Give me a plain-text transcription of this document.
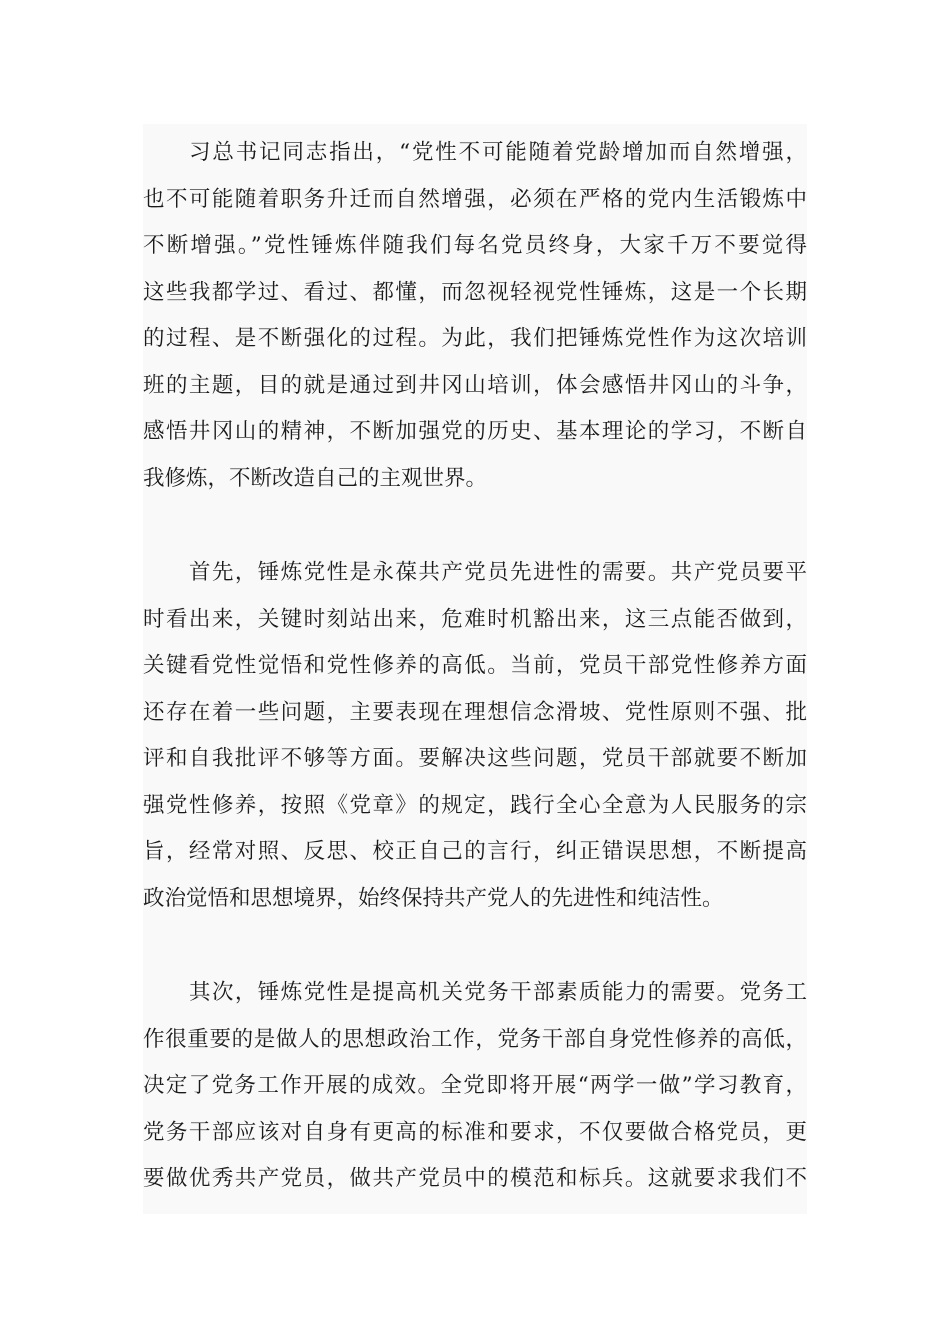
习总书记同志指出，“党性不可能随着党龄增加而自然增强，
也不可能随着职务升迁而自然增强，必须在严格的党内生活锻炼中
不断增强。”党性锤炼伴随我们每名党员终身，大家千万不要觉得
这些我都学过、看过、都懂，而忽视轻视党性锤炼，这是一个长期
的过程、是不断强化的过程。为此，我们把锤炼党性作为这次培训
班的主题，目的就是通过到井冈山培训，体会感悟井冈山的斗争，
感悟井冈山的精神，不断加强党的历史、基本理论的学习，不断自
我修炼，不断改造自己的主观世界。
首先，锤炼党性是永葆共产党员先进性的需要。共产党员要平
时看出来，关键时刻站出来，危难时机豁出来，这三点能否做到，
关键看党性觉悟和党性修养的高低。当前，党员干部党性修养方面
还存在着一些问题，主要表现在理想信念滑坡、党性原则不强、批
评和自我批评不够等方面。要解决这些问题，党员干部就要不断加
强党性修养，按照《党章》的规定，践行全心全意为人民服务的宗
旨，经常对照、反思、校正自己的言行，纠正错误思想，不断提高
政治觉悟和思想境界，始终保持共产党人的先进性和纯洁性。
其次，锤炼党性是提高机关党务干部素质能力的需要。党务工
作很重要的是做人的思想政治工作，党务干部自身党性修养的高低，
决定了党务工作开展的成效。全党即将开展“两学一做”学习教育，
党务干部应该对自身有更高的标准和要求，不仅要做合格党员，更
要做优秀共产党员，做共产党员中的模范和标兵。这就要求我们不
